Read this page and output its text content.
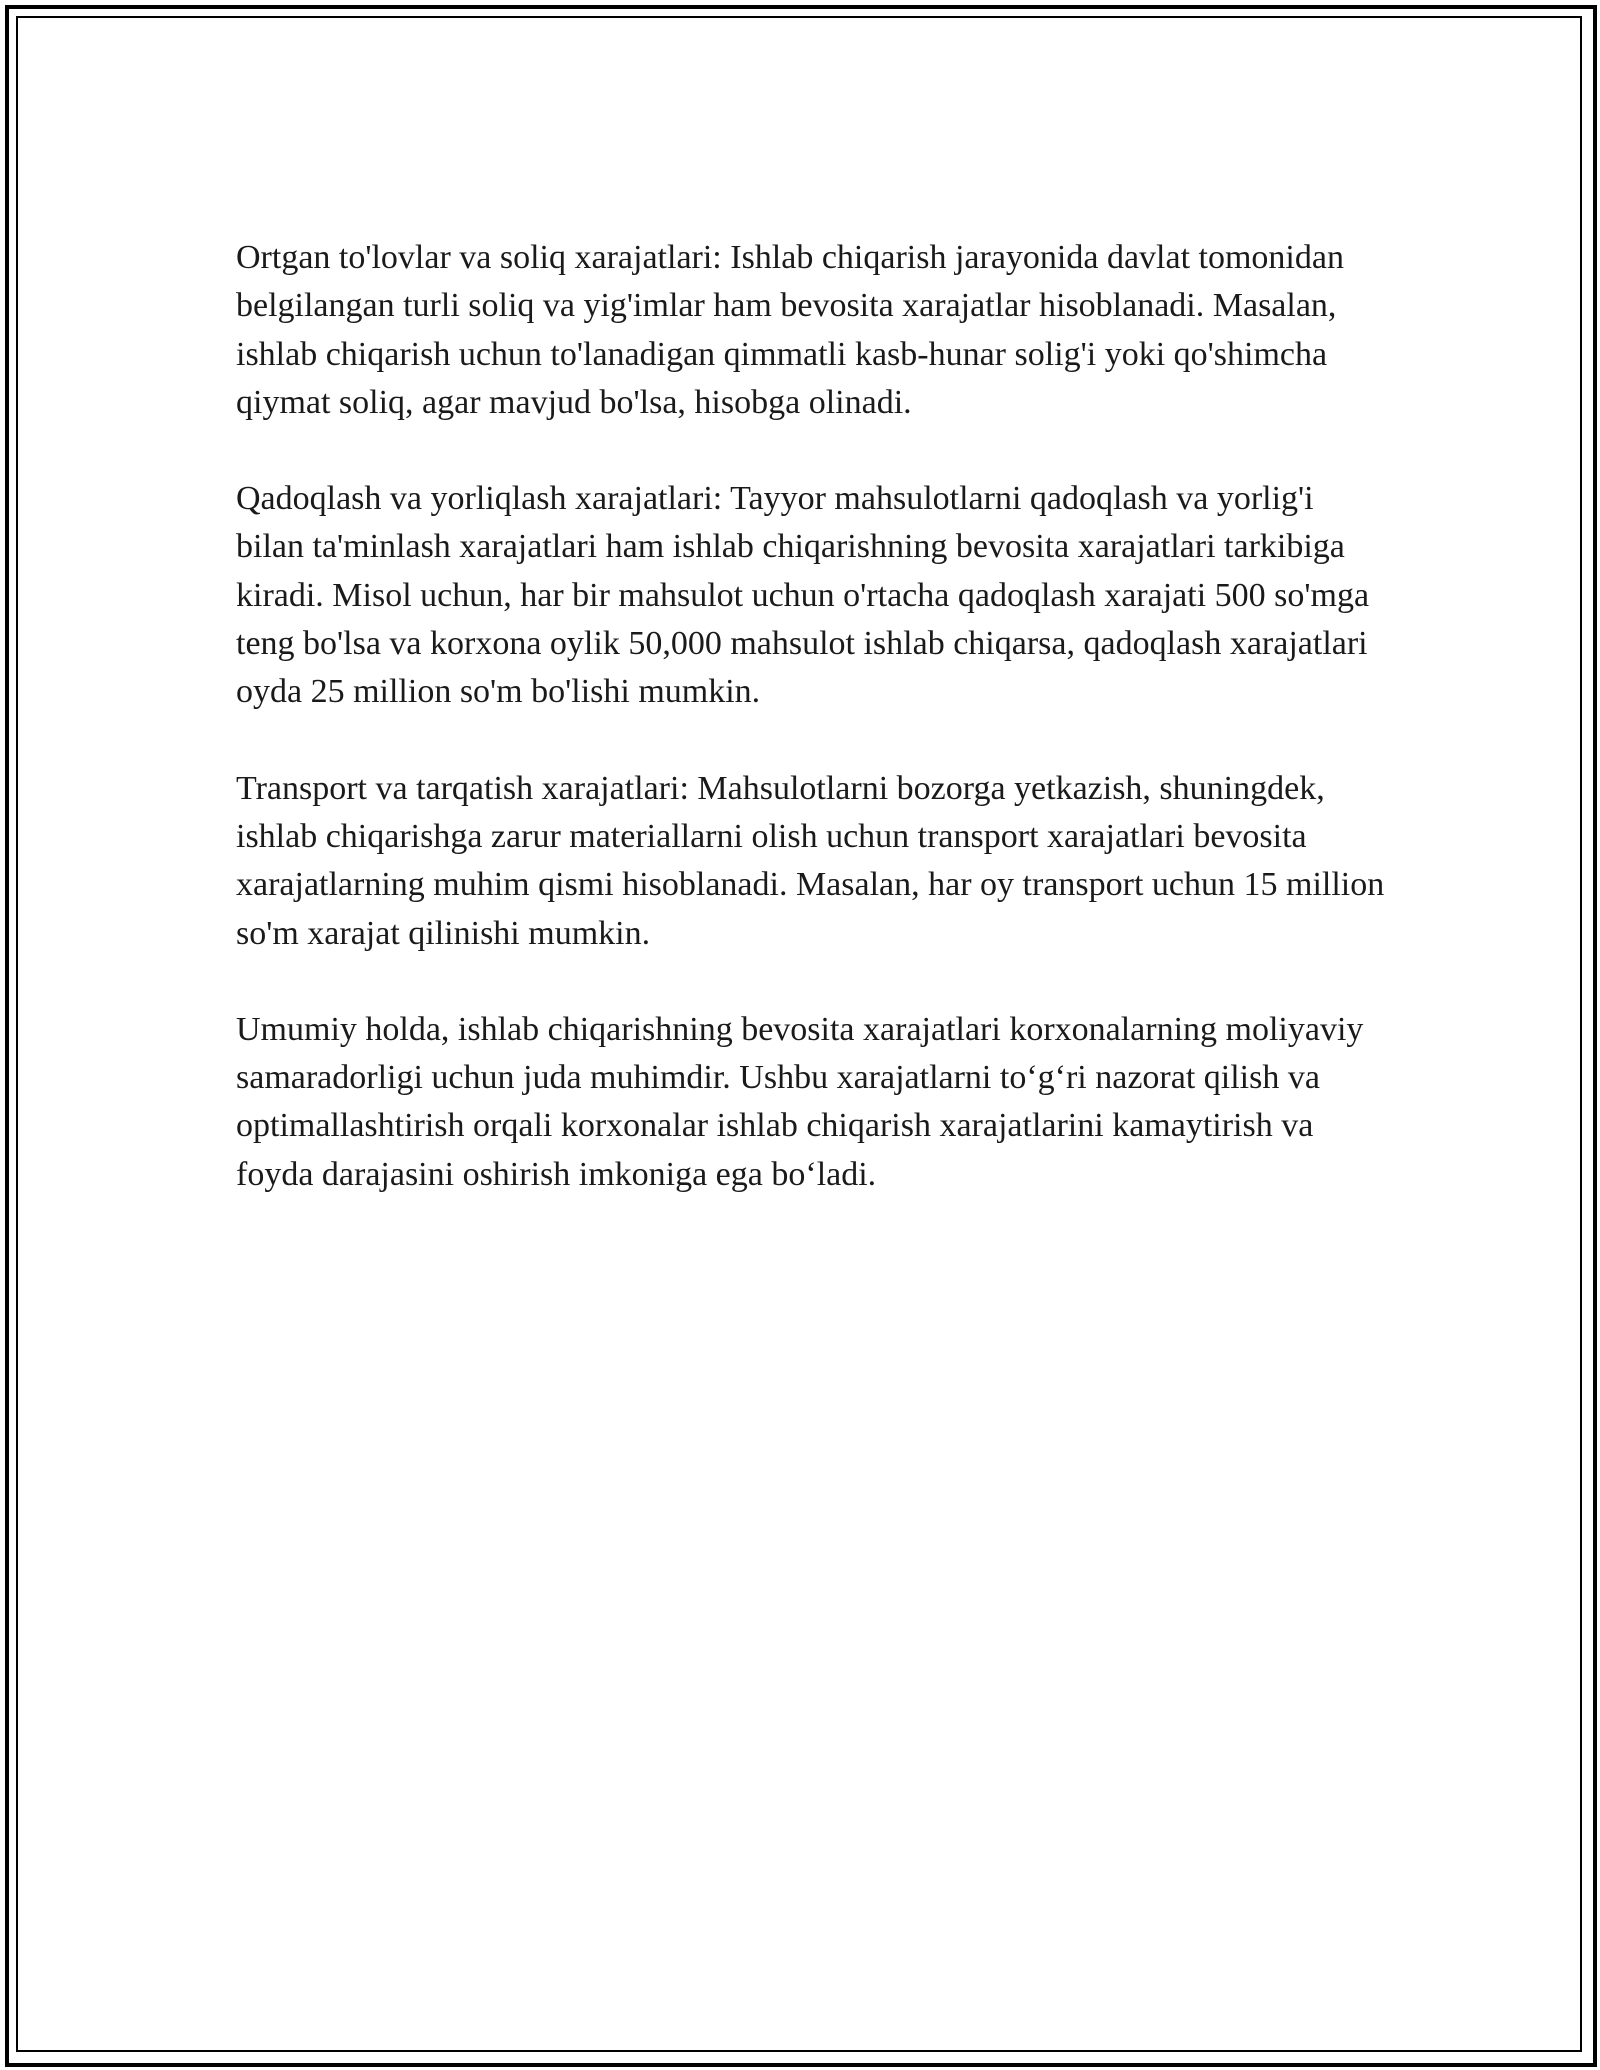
Ortgan to'lovlar va soliq xarajatlari: Ishlab chiqarish jarayonida davlat tomonidan belgilangan turli soliq va yig'imlar ham bevosita xarajatlar hisoblanadi. Masalan, ishlab chiqarish uchun to'lanadigan qimmatli kasb-hunar solig'i yoki qo'shimcha qiymat soliq, agar mavjud bo'lsa, hisobga olinadi.

Qadoqlash va yorliqlash xarajatlari: Tayyor mahsulotlarni qadoqlash va yorlig'i bilan ta'minlash xarajatlari ham ishlab chiqarishning bevosita xarajatlari tarkibiga kiradi. Misol uchun, har bir mahsulot uchun o'rtacha qadoqlash xarajati 500 so'mga teng bo'lsa va korxona oylik 50,000 mahsulot ishlab chiqarsa, qadoqlash xarajatlari oyda 25 million so'm bo'lishi mumkin.

Transport va tarqatish xarajatlari: Mahsulotlarni bozorga yetkazish, shuningdek, ishlab chiqarishga zarur materiallarni olish uchun transport xarajatlari bevosita xarajatlarning muhim qismi hisoblanadi. Masalan, har oy transport uchun 15 million so'm xarajat qilinishi mumkin.

Umumiy holda, ishlab chiqarishning bevosita xarajatlari korxonalarning moliyaviy samaradorligi uchun juda muhimdir. Ushbu xarajatlarni to‘g‘ri nazorat qilish va optimallashtirish orqali korxonalar ishlab chiqarish xarajatlarini kamaytirish va foyda darajasini oshirish imkoniga ega bo‘ladi.
